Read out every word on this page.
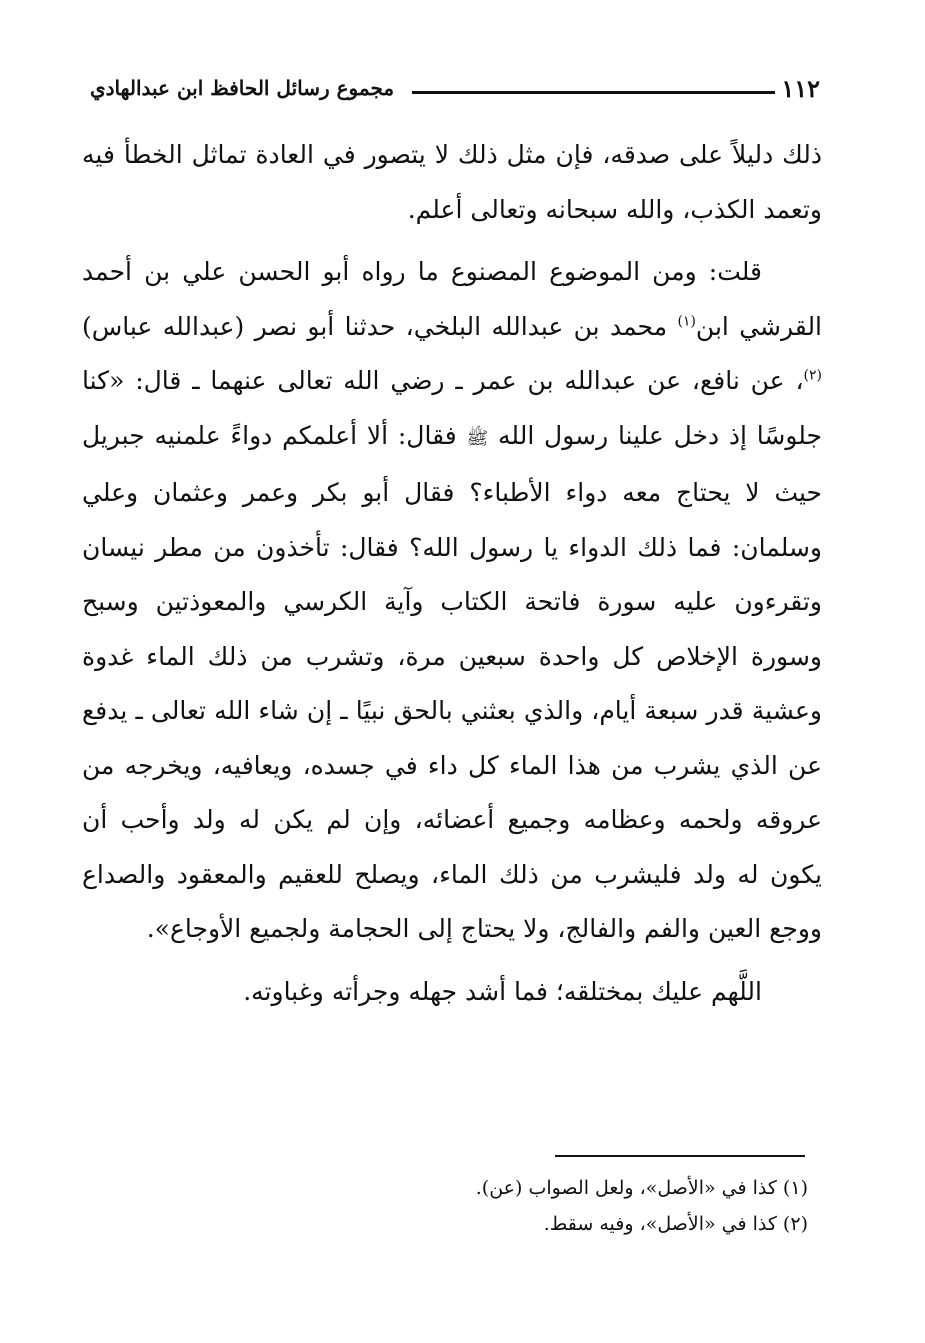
١١٢
مجموع رسائل الحافظ ابن عبدالهادي

ذلك دليلاً على صدقه، فإن مثل ذلك لا يتصور في العادة تماثل الخطأ فيه وتعمد الكذب، والله سبحانه وتعالى أعلم.

قلت: ومن الموضوع المصنوع ما رواه أبو الحسن علي بن أحمد القرشي ابن$^{(١)}$ محمد بن عبدالله البلخي، حدثنا أبو نصر (عبدالله عباس)$^{(٢)}$، عن نافع، عن عبدالله بن عمر ـ رضي الله تعالى عنهما ـ قال: «كنا جلوسًا إذ دخل علينا رسول الله ﷺ فقال: ألا أعلمكم دواءً علمنيه جبريل حيث لا يحتاج معه دواء الأطباء؟ فقال أبو بكر وعمر وعثمان وعلي وسلمان: فما ذلك الدواء يا رسول الله؟ فقال: تأخذون من مطر نيسان وتقرءون عليه سورة فاتحة الكتاب وآية الكرسي والمعوذتين وسبح وسورة الإخلاص كل واحدة سبعين مرة، وتشرب من ذلك الماء غدوة وعشية قدر سبعة أيام، والذي بعثني بالحق نبيًا ـ إن شاء الله تعالى ـ يدفع عن الذي يشرب من هذا الماء كل داء في جسده، ويعافيه، ويخرجه من عروقه ولحمه وعظامه وجميع أعضائه، وإن لم يكن له ولد وأحب أن يكون له ولد فليشرب من ذلك الماء، ويصلح للعقيم والمعقود والصداع ووجع العين والفم والفالج، ولا يحتاج إلى الحجامة ولجميع الأوجاع».

اللَّهم عليك بمختلقه؛ فما أشد جهله وجرأته وغباوته.

(١) كذا في «الأصل»، ولعل الصواب (عن).

(٢) كذا في «الأصل»، وفيه سقط.
